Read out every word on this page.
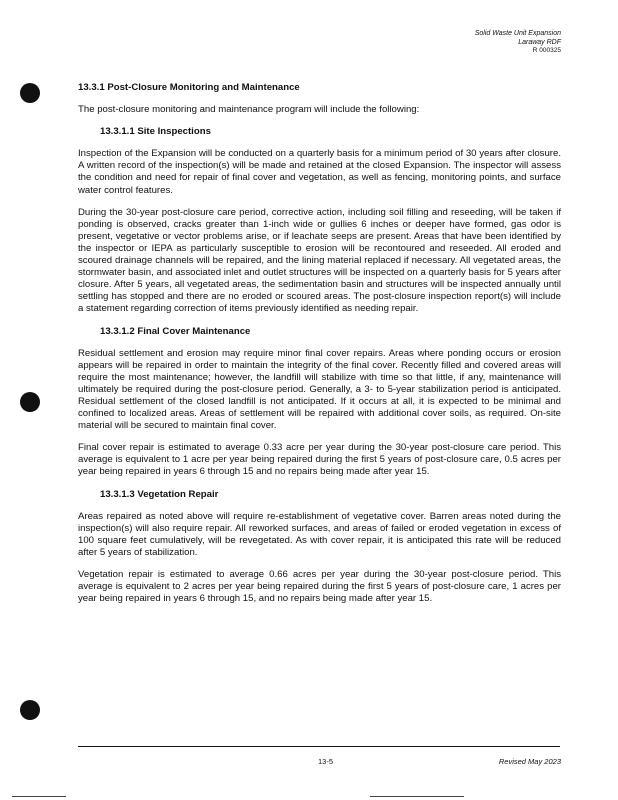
Solid Waste Unit Expansion
Laraway RDF
R 000325
13.3.1 Post-Closure Monitoring and Maintenance

The post-closure monitoring and maintenance program will include the following:

13.3.1.1 Site Inspections

Inspection of the Expansion will be conducted on a quarterly basis for a minimum period of 30 years after closure. A written record of the inspection(s) will be made and retained at the closed Expansion. The inspector will assess the condition and need for repair of final cover and vegetation, as well as fencing, monitoring points, and surface water control features.

During the 30-year post-closure care period, corrective action, including soil filling and reseeding, will be taken if ponding is observed, cracks greater than 1-inch wide or gullies 6 inches or deeper have formed, gas odor is present, vegetative or vector problems arise, or if leachate seeps are present. Areas that have been identified by the inspector or IEPA as particularly susceptible to erosion will be recontoured and reseeded. All eroded and scoured drainage channels will be repaired, and the lining material replaced if necessary. All vegetated areas, the stormwater basin, and associated inlet and outlet structures will be inspected on a quarterly basis for 5 years after closure. After 5 years, all vegetated areas, the sedimentation basin and structures will be inspected annually until settling has stopped and there are no eroded or scoured areas. The post-closure inspection report(s) will include a statement regarding correction of items previously identified as needing repair.

13.3.1.2 Final Cover Maintenance

Residual settlement and erosion may require minor final cover repairs. Areas where ponding occurs or erosion appears will be repaired in order to maintain the integrity of the final cover. Recently filled and covered areas will require the most maintenance; however, the landfill will stabilize with time so that little, if any, maintenance will ultimately be required during the post-closure period. Generally, a 3- to 5-year stabilization period is anticipated. Residual settlement of the closed landfill is not anticipated. If it occurs at all, it is expected to be minimal and confined to localized areas. Areas of settlement will be repaired with additional cover soils, as required. On-site material will be secured to maintain final cover.

Final cover repair is estimated to average 0.33 acre per year during the 30-year post-closure care period. This average is equivalent to 1 acre per year being repaired during the first 5 years of post-closure care, 0.5 acres per year being repaired in years 6 through 15 and no repairs being made after year 15.

13.3.1.3 Vegetation Repair

Areas repaired as noted above will require re-establishment of vegetative cover. Barren areas noted during the inspection(s) will also require repair. All reworked surfaces, and areas of failed or eroded vegetation in excess of 100 square feet cumulatively, will be revegetated. As with cover repair, it is anticipated this rate will be reduced after 5 years of stabilization.

Vegetation repair is estimated to average 0.66 acres per year during the 30-year post-closure period. This average is equivalent to 2 acres per year being repaired during the first 5 years of post-closure care, 1 acres per year being repaired in years 6 through 15, and no repairs being made after year 15.

13-5	Revised May 2023
